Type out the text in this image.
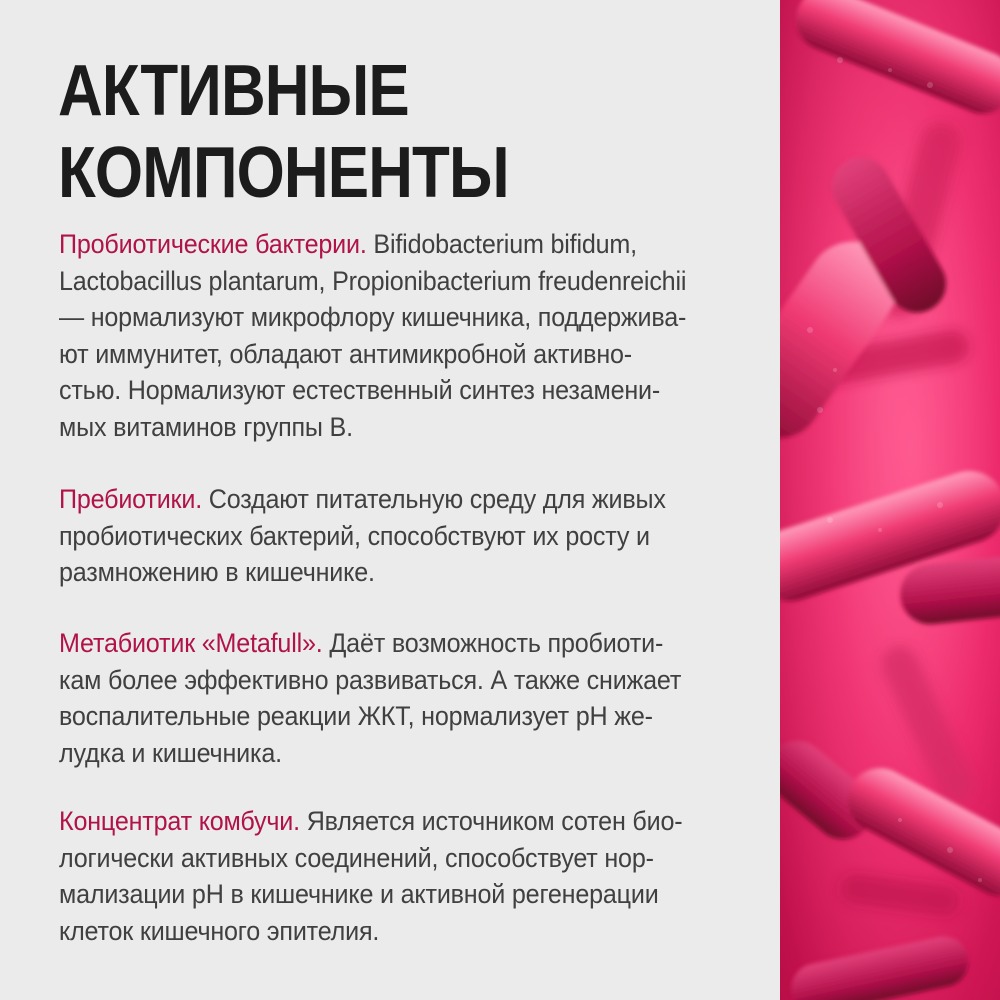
АКТИВНЫЕ
КОМПОНЕНТЫ

Пробиотические бактерии. Bifidobacterium bifidum,
Lactobacillus plantarum, Propionibacterium freudenreichii
— нормализуют микрофлору кишечника, поддержива-
ют иммунитет, обладают антимикробной активно-
стью. Нормализуют естественный синтез незамени-
мых витаминов группы В.

Пребиотики. Создают питательную среду для живых
пробиотических бактерий, способствуют их росту и
размножению в кишечнике.

Метабиотик «Metafull». Даёт возможность пробиоти-
кам более эффективно развиваться. А также снижает
воспалительные реакции ЖКТ, нормализует pH же-
лудка и кишечника.

Концентрат комбучи. Является источником сотен био-
логически активных соединений, способствует нор-
мализации pH в кишечнике и активной регенерации
клеток кишечного эпителия.
